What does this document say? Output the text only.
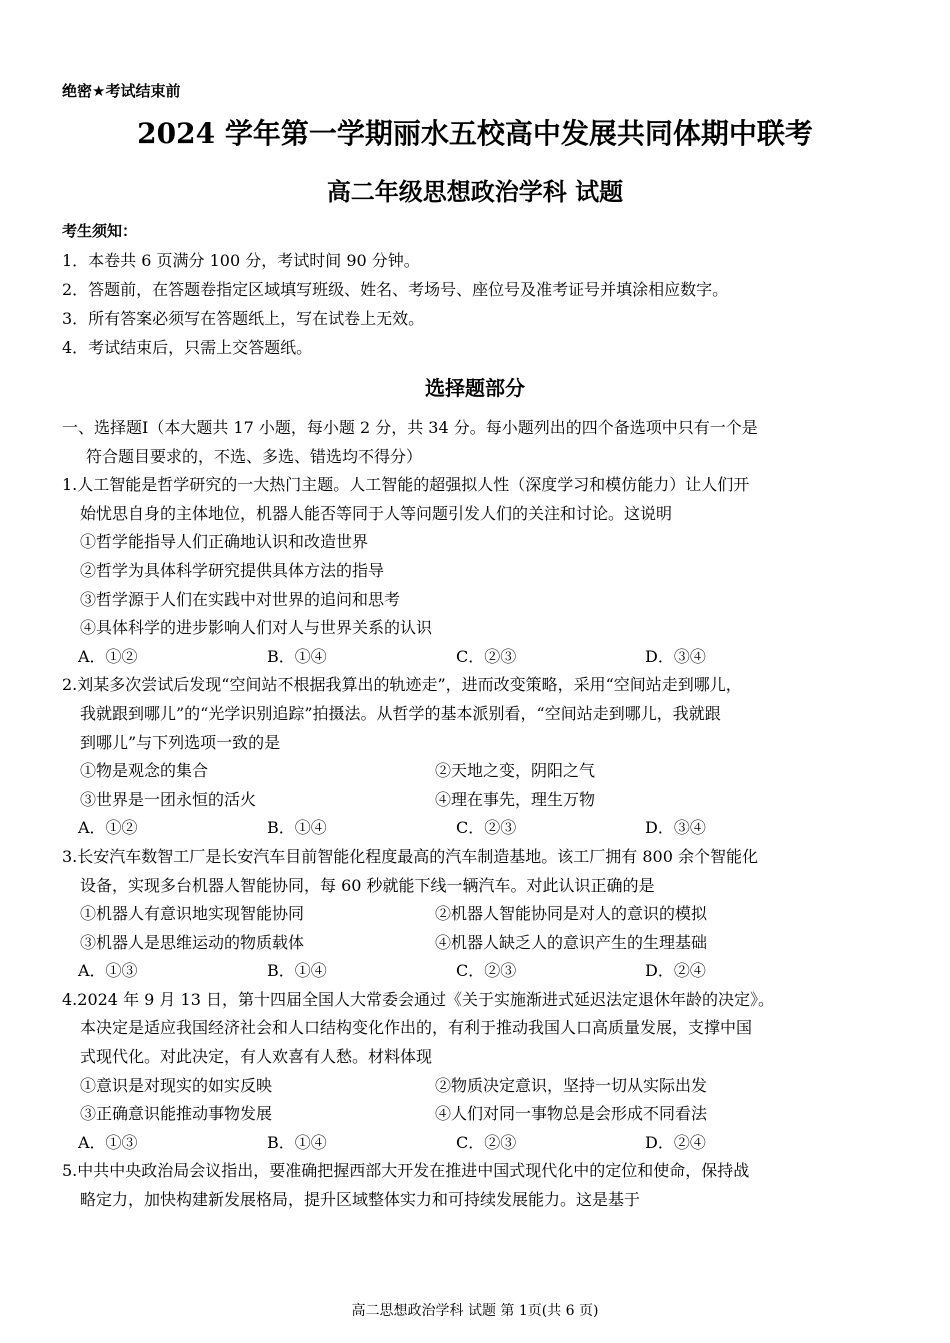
绝密★考试结束前
2024 学年第一学期丽水五校高中发展共同体期中联考
高二年级思想政治学科 试题
考生须知：
1．本卷共 6 页满分 100 分，考试时间 90 分钟。
2．答题前，在答题卷指定区域填写班级、姓名、考场号、座位号及准考证号并填涂相应数字。
3．所有答案必须写在答题纸上，写在试卷上无效。
4．考试结束后，只需上交答题纸。
选择题部分
一、选择题Ⅰ（本大题共 17 小题，每小题 2 分，共 34 分。每小题列出的四个备选项中只有一个是
符合题目要求的，不选、多选、错选均不得分）
1.人工智能是哲学研究的一大热门主题。人工智能的超强拟人性（深度学习和模仿能力）让人们开
始忧思自身的主体地位，机器人能否等同于人等问题引发人们的关注和讨论。这说明
①哲学能指导人们正确地认识和改造世界
②哲学为具体科学研究提供具体方法的指导
③哲学源于人们在实践中对世界的追问和思考
④具体科学的进步影响人们对人与世界关系的认识
A．①②	B．①④	C．②③	D．③④
2.刘某多次尝试后发现“空间站不根据我算出的轨迹走”，进而改变策略，采用“空间站走到哪儿，
我就跟到哪儿”的“光学识别追踪”拍摄法。从哲学的基本派别看，“空间站走到哪儿，我就跟
到哪儿”与下列选项一致的是
①物是观念的集合	②天地之变，阴阳之气
③世界是一团永恒的活火	④理在事先，理生万物
A．①②	B．①④	C．②③	D．③④
3.长安汽车数智工厂是长安汽车目前智能化程度最高的汽车制造基地。该工厂拥有 800 余个智能化
设备，实现多台机器人智能协同，每 60 秒就能下线一辆汽车。对此认识正确的是
①机器人有意识地实现智能协同	②机器人智能协同是对人的意识的模拟
③机器人是思维运动的物质载体	④机器人缺乏人的意识产生的生理基础
A．①③	B．①④	C．②③	D．②④
4.2024 年 9 月 13 日，第十四届全国人大常委会通过《关于实施渐进式延迟法定退休年龄的决定》。
本决定是适应我国经济社会和人口结构变化作出的，有利于推动我国人口高质量发展，支撑中国
式现代化。对此决定，有人欢喜有人愁。材料体现
①意识是对现实的如实反映	②物质决定意识，坚持一切从实际出发
③正确意识能推动事物发展	④人们对同一事物总是会形成不同看法
A．①③	B．①④	C．②③	D．②④
5.中共中央政治局会议指出，要准确把握西部大开发在推进中国式现代化中的定位和使命，保持战
略定力，加快构建新发展格局，提升区域整体实力和可持续发展能力。这是基于
高二思想政治学科 试题 第 1页(共 6 页)
